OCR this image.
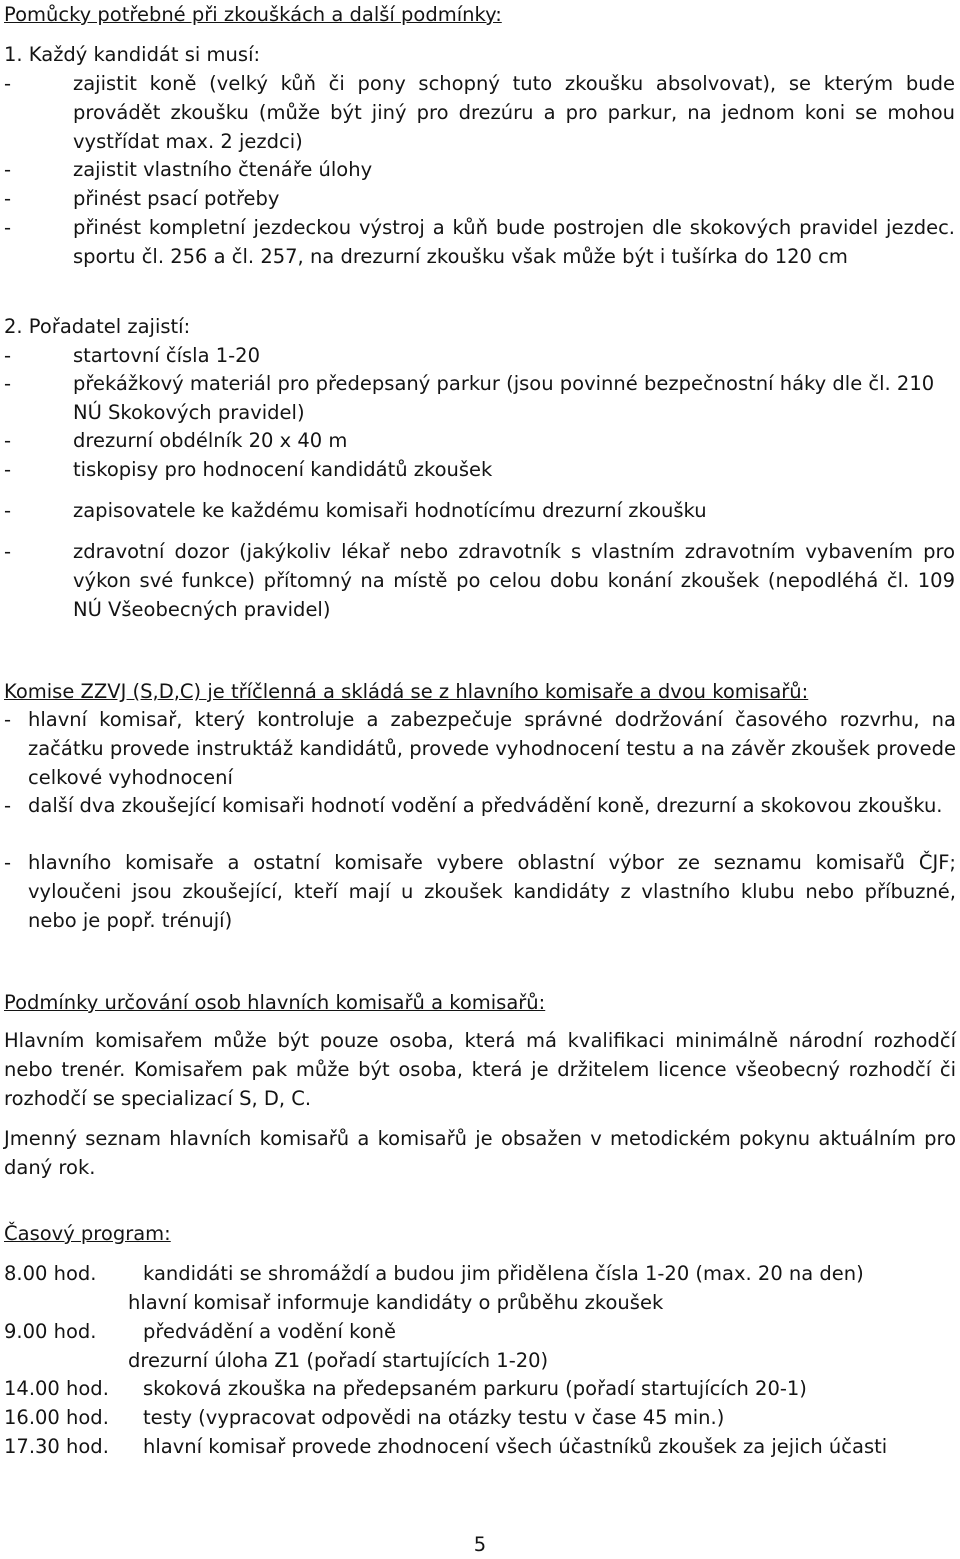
Pomůcky potřebné při zkouškách a další podmínky:
1. Každý kandidát si musí:
-	zajistit koně (velký kůň či pony schopný tuto zkoušku absolvovat), se kterým bude provádět zkoušku (může být jiný pro drezúru a pro parkur, na jednom koni se mohou vystřídat max. 2 jezdci)
-	zajistit vlastního čtenáře úlohy
-	přinést psací potřeby
-	přinést kompletní jezdeckou výstroj a kůň bude postrojen dle skokových pravidel jezdec. sportu čl. 256 a čl. 257, na drezurní zkoušku však může být i tušírka do 120 cm
2. Pořadatel zajistí:
-	startovní čísla 1-20
-	překážkový materiál pro předepsaný parkur (jsou povinné bezpečnostní háky dle čl. 210 NÚ Skokových pravidel)
-	drezurní obdélník 20 x 40 m
-	tiskopisy pro hodnocení kandidátů zkoušek
-	zapisovatele ke každému komisaři hodnotícímu drezurní zkoušku
-	zdravotní dozor (jakýkoliv lékař nebo zdravotník s vlastním zdravotním vybavením pro výkon své funkce) přítomný na místě po celou dobu konání zkoušek (nepodléhá čl. 109 NÚ Všeobecných pravidel)
Komise ZZVJ (S,D,C) je tříčlenná a skládá se z hlavního komisaře a dvou komisařů:
- hlavní komisař, který kontroluje a zabezpečuje správné dodržování časového rozvrhu, na začátku provede instruktáž kandidátů, provede vyhodnocení testu a na závěr zkoušek provede celkové vyhodnocení
- další dva zkoušející komisaři hodnotí vodění a předvádění koně, drezurní a skokovou zkoušku.
- hlavního komisaře a ostatní komisaře vybere oblastní výbor ze seznamu komisařů ČJF; vyloučeni jsou zkoušející, kteří mají u zkoušek kandidáty z vlastního klubu nebo příbuzné, nebo je popř. trénují)
Podmínky určování osob hlavních komisařů a komisařů:
Hlavním komisařem může být pouze osoba, která má kvalifikaci minimálně národní rozhodčí nebo trenér. Komisařem pak může být osoba, která je držitelem licence všeobecný rozhodčí či rozhodčí se specializací S, D, C.
Jmenný seznam hlavních komisařů a komisařů je obsažen v metodickém pokynu aktuálním pro daný rok.
Časový program:
8.00 hod. kandidáti se shromáždí a budou jim přidělena čísla 1-20 (max. 20 na den)
hlavní komisař informuje kandidáty o průběhu zkoušek
9.00 hod. předvádění a vodění koně
drezurní úloha Z1 (pořadí startujících 1-20)
14.00 hod. skoková zkouška na předepsaném parkuru (pořadí startujících 20-1)
16.00 hod. testy (vypracovat odpovědi na otázky testu v čase 45 min.)
17.30 hod. hlavní komisař provede zhodnocení všech účastníků zkoušek za jejich účasti
5
